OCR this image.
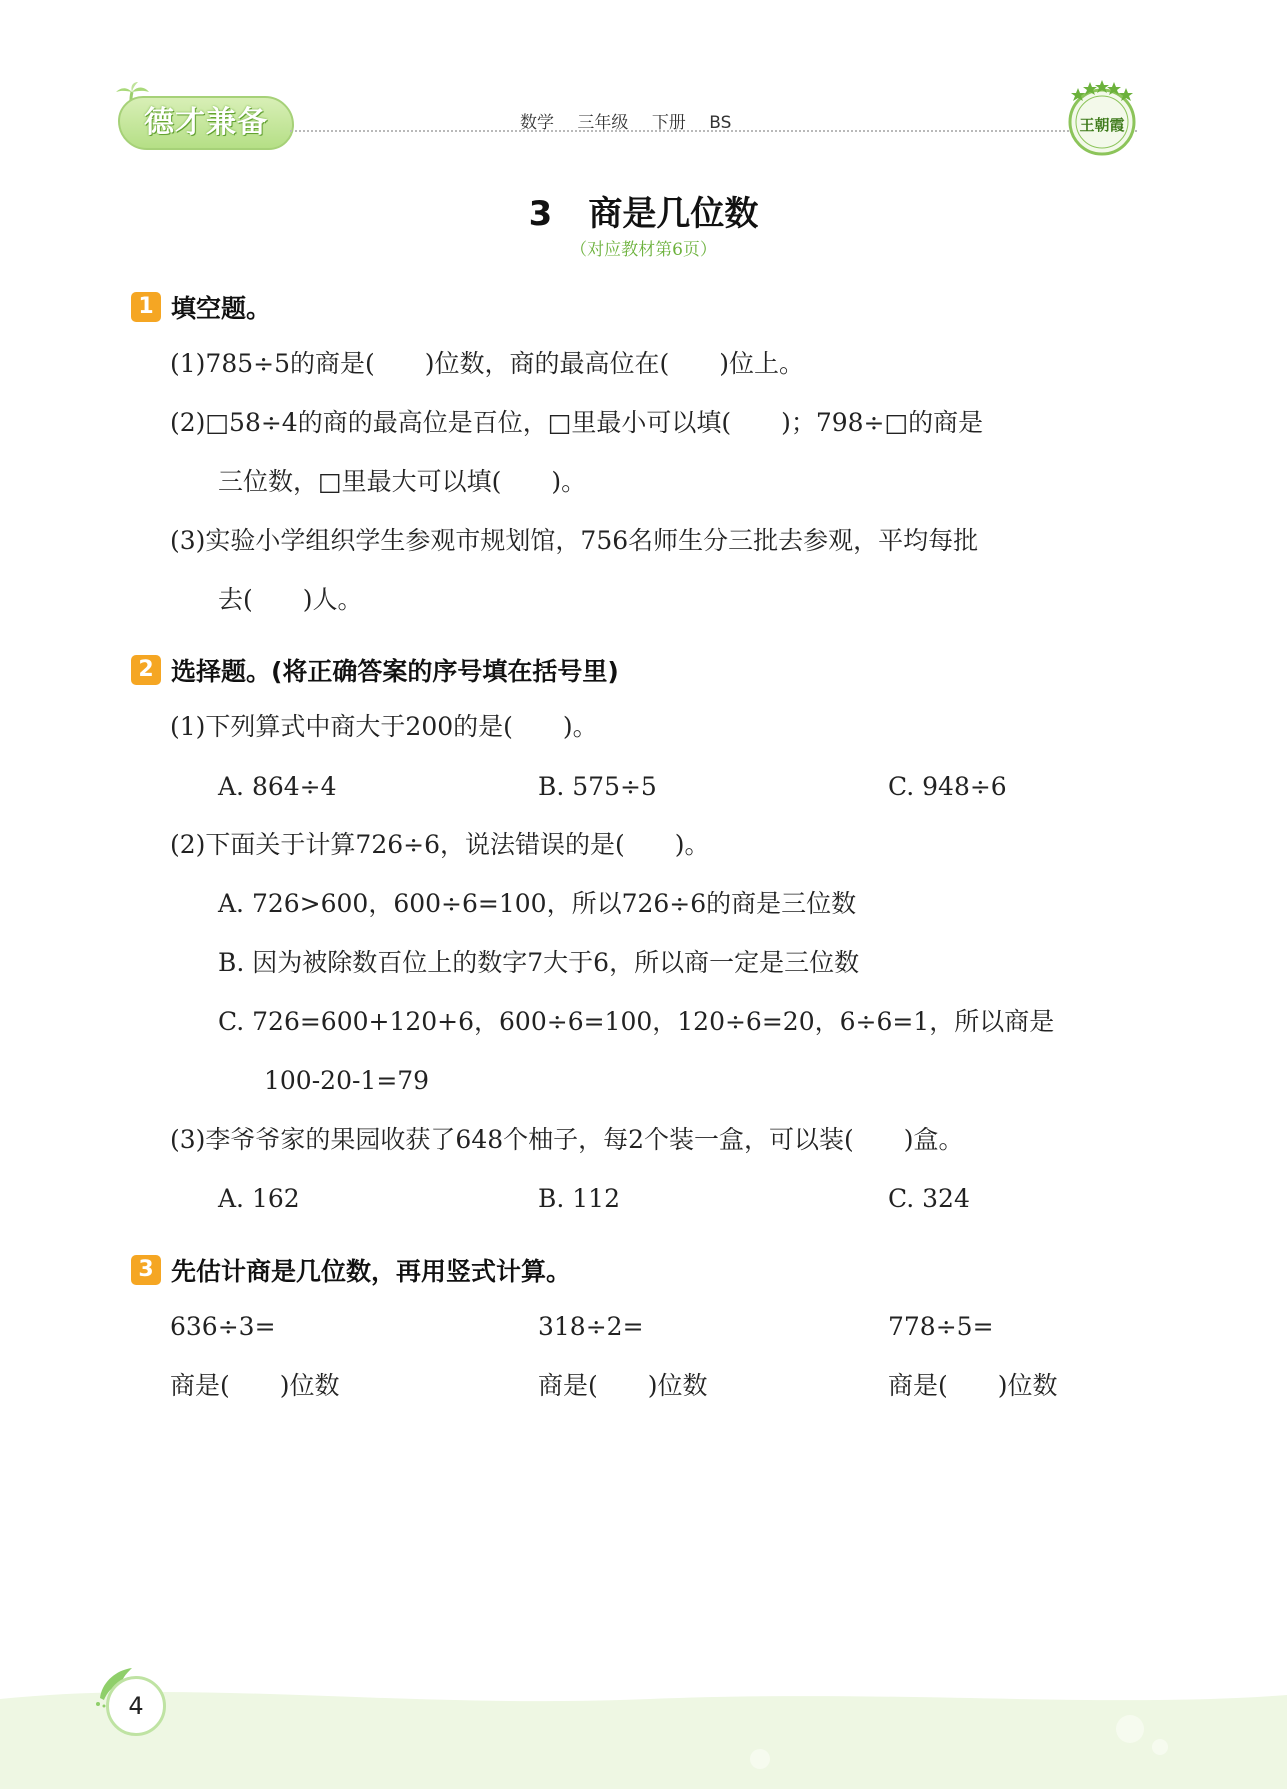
德才兼备	数学 三年级 下册 BS	王朝霞
3 商是几位数
（对应教材第6页）
1 填空题。
(1)785÷5的商是(　　)位数，商的最高位在(　　)位上。
(2)□58÷4的商的最高位是百位，□里最小可以填(　　)；798÷□的商是
三位数，□里最大可以填(　　)。
(3)实验小学组织学生参观市规划馆，756名师生分三批去参观，平均每批
去(　　)人。
2 选择题。(将正确答案的序号填在括号里)
(1)下列算式中商大于200的是(　　)。
A. 864÷4	B. 575÷5	C. 948÷6
(2)下面关于计算726÷6，说法错误的是(　　)。
A. 726>600，600÷6=100，所以726÷6的商是三位数
B. 因为被除数百位上的数字7大于6，所以商一定是三位数
C. 726=600+120+6，600÷6=100，120÷6=20，6÷6=1，所以商是
100-20-1=79
(3)李爷爷家的果园收获了648个柚子，每2个装一盒，可以装(　　)盒。
A. 162	B. 112	C. 324
3 先估计商是几位数，再用竖式计算。
636÷3=	318÷2=	778÷5=
商是(　　)位数	商是(　　)位数	商是(　　)位数
4
